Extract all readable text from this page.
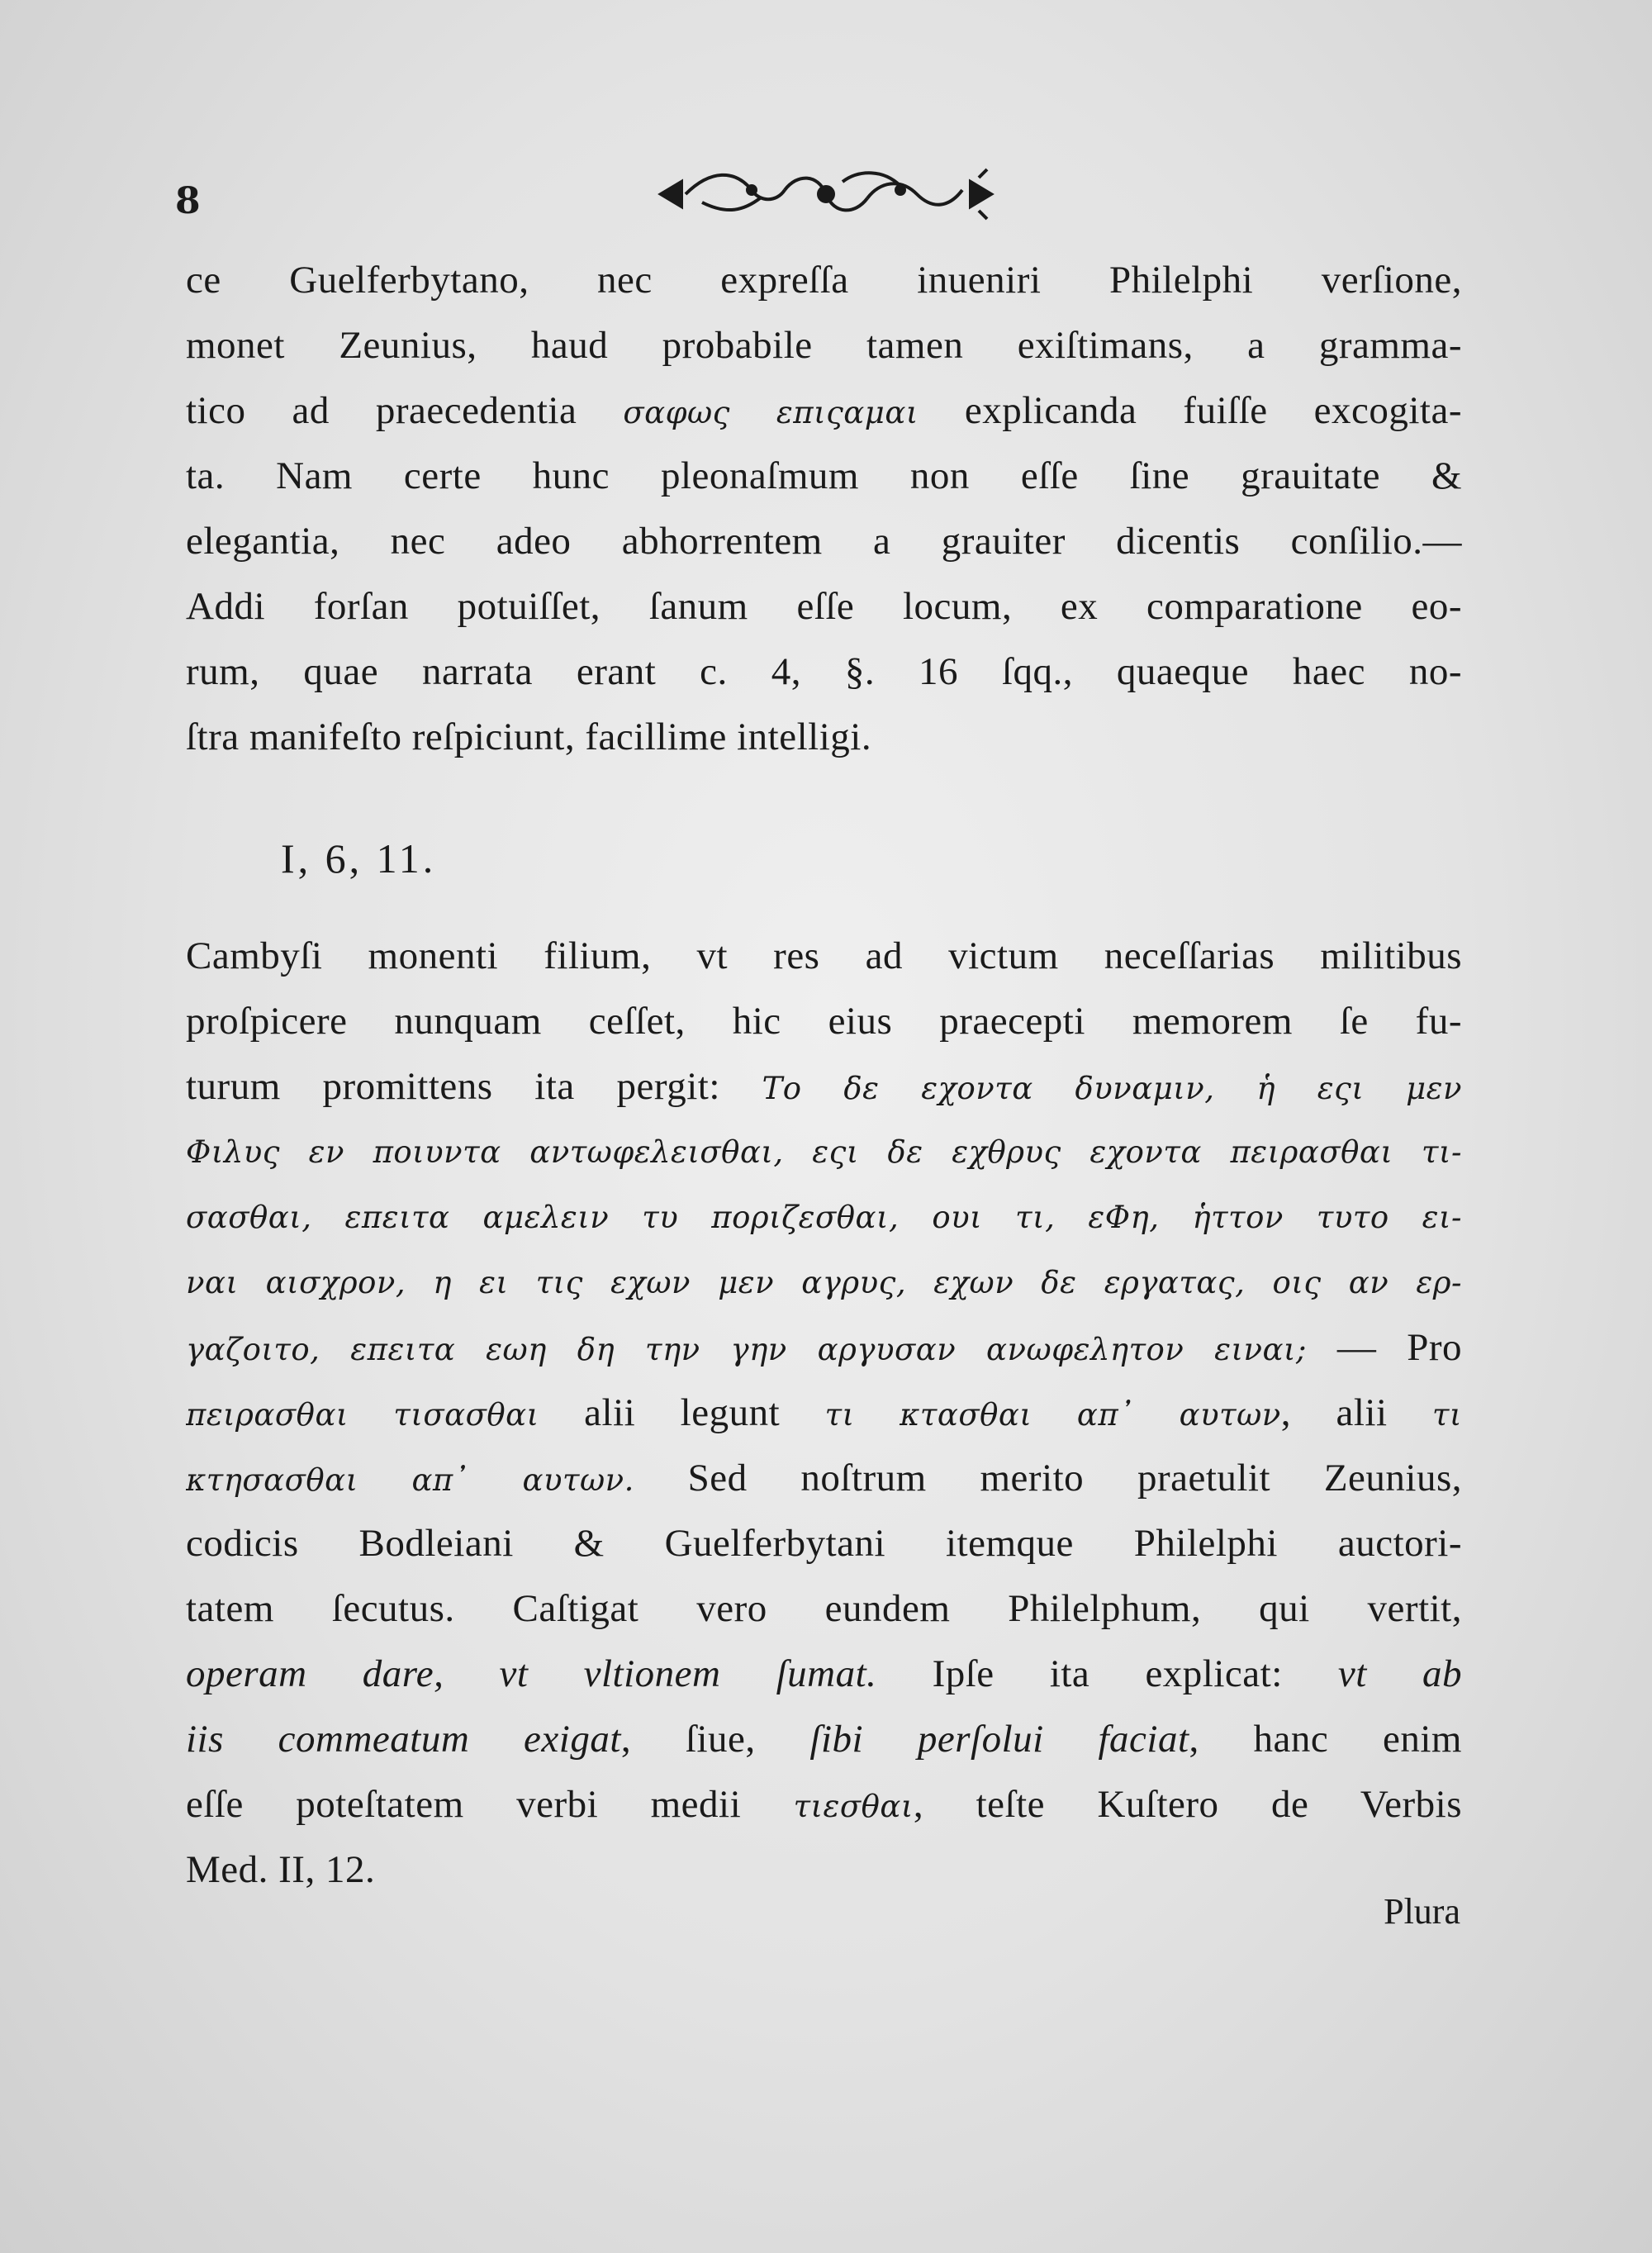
8
ce Guelferbytano, nec expreſſa inueniri Philelphi verſione,
monet Zeunius, haud probabile tamen exiſtimans, a gramma-
tico ad praecedentia σαφως επιςαμαι explicanda fuiſſe excogita-
ta. Nam certe hunc pleonaſmum non eſſe ſine grauitate &
elegantia, nec adeo abhorrentem a grauiter dicentis conſilio.—
Addi forſan potuiſſet, ſanum eſſe locum, ex comparatione eo-
rum, quae narrata erant c. 4, §. 16 ſqq., quaeque haec no-
ſtra manifeſto reſpiciunt, facillime intelligi.
I, 6, 11.
Cambyſi monenti filium, vt res ad victum neceſſarias militibus
proſpicere nunquam ceſſet, hic eius praecepti memorem ſe fu-
turum promittens ita pergit: Το δε εχοντα δυναμιν, ἡ εςι μεν
Φιλυς εν ποιυντα αντωφελεισθαι, εςι δε εχθρυς εχοντα πειρασθαι τι-
σασθαι, επειτα αμελειν τυ ποριζεσθαι, ουι τι, εΦη, ἡττον τυτο ει-
ναι αισχρον, η ει τις εχων μεν αγρυς, εχων δε εργατας, οις αν ερ-
γαζοιτο, επειτα εωη δη την γην αργυσαν ανωφελητον ειναι; — Pro
πειρασθαι τισασθαι alii legunt τι κτασθαι απ᾽ αυτων, alii τι
κτησασθαι απ᾽ αυτων. Sed noſtrum merito praetulit Zeunius,
codicis Bodleiani & Guelferbytani itemque Philelphi auctori-
tatem ſecutus. Caſtigat vero eundem Philelphum, qui vertit,
operam dare, vt vltionem ſumat. Ipſe ita explicat: vt ab
iis commeatum exigat, ſiue, ſibi perſolui faciat, hanc enim
eſſe poteſtatem verbi medii τιεσθαι, teſte Kuſtero de Verbis
Med. II, 12.
Plura
